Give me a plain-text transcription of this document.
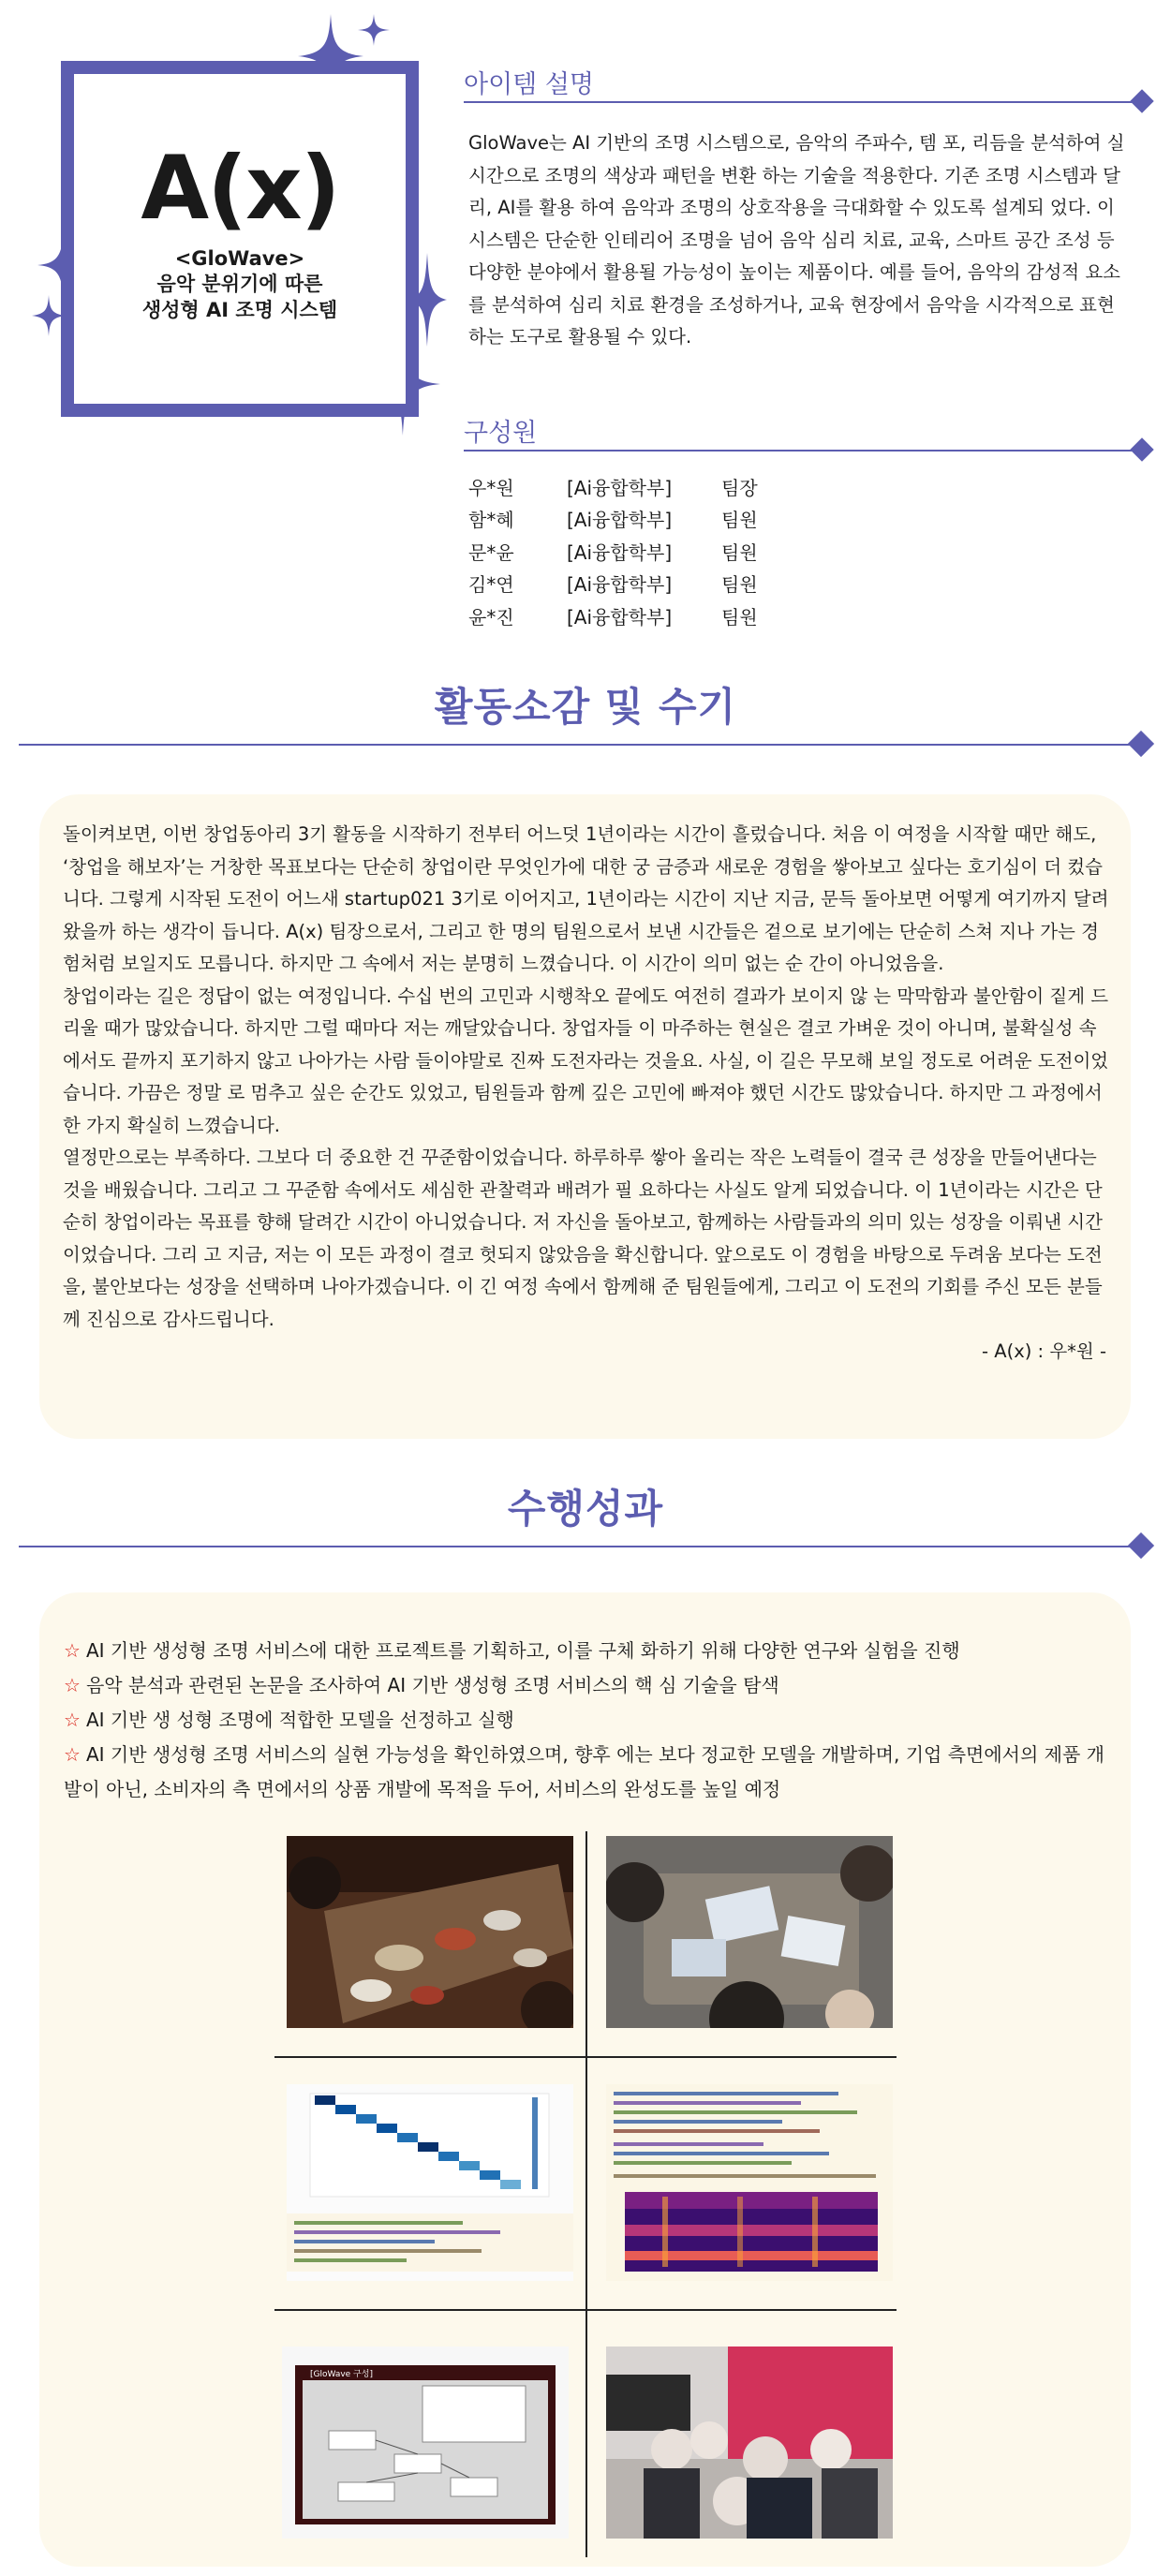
A(x)
<GloWave>
음악 분위기에 따른
생성형 AI 조명 시스템
아이템 설명
GloWave는 AI 기반의 조명 시스템으로, 음악의 주파수, 템 포, 리듬을 분석하여 실시간으로 조명의 색상과 패턴을 변환 하는 기술을 적용한다. 기존 조명 시스템과 달리, AI를 활용 하여 음악과 조명의 상호작용을 극대화할 수 있도록 설계되 었다. 이 시스템은 단순한 인테리어 조명을 넘어 음악 심리 치료, 교육, 스마트 공간 조성 등 다양한 분야에서 활용될 가능성이 높이는 제품이다. 예를 들어, 음악의 감성적 요소 를 분석하여 심리 치료 환경을 조성하거나, 교육 현장에서 음악을 시각적으로 표현하는 도구로 활용될 수 있다.
구성원
우*원	[Ai융합학부]	팀장
함*혜	[Ai융합학부]	팀원
문*윤	[Ai융합학부]	팀원
김*연	[Ai융합학부]	팀원
윤*진	[Ai융합학부]	팀원
활동소감 및 수기

돌이켜보면, 이번 창업동아리 3기 활동을 시작하기 전부터 어느덧 1년이라는 시간이 흘렀습니다. 처음 이 여정을 시작할 때만 해도, ‘창업을 해보자’는 거창한 목표보다는 단순히 창업이란 무엇인가에 대한 궁 금증과 새로운 경험을 쌓아보고 싶다는 호기심이 더 컸습니다. 그렇게 시작된 도전이 어느새 startup021 3기로 이어지고, 1년이라는 시간이 지난 지금, 문득 돌아보면 어떻게 여기까지 달려왔을까 하는 생각이 듭니다. A(x) 팀장으로서, 그리고 한 명의 팀원으로서 보낸 시간들은 겉으로 보기에는 단순히 스쳐 지나 가는 경험처럼 보일지도 모릅니다. 하지만 그 속에서 저는 분명히 느꼈습니다. 이 시간이 의미 없는 순 간이 아니었음을.

창업이라는 길은 정답이 없는 여정입니다. 수십 번의 고민과 시행착오 끝에도 여전히 결과가 보이지 않 는 막막함과 불안함이 짙게 드리울 때가 많았습니다. 하지만 그럴 때마다 저는 깨달았습니다. 창업자들 이 마주하는 현실은 결코 가벼운 것이 아니며, 불확실성 속에서도 끝까지 포기하지 않고 나아가는 사람 들이야말로 진짜 도전자라는 것을요. 사실, 이 길은 무모해 보일 정도로 어려운 도전이었습니다. 가끔은 정말 로 멈추고 싶은 순간도 있었고, 팀원들과 함께 깊은 고민에 빠져야 했던 시간도 많았습니다. 하지만 그 과정에서 한 가지 확실히 느꼈습니다.

열정만으로는 부족하다. 그보다 더 중요한 건 꾸준함이었습니다. 하루하루 쌓아 올리는 작은 노력들이 결국 큰 성장을 만들어낸다는 것을 배웠습니다. 그리고 그 꾸준함 속에서도 세심한 관찰력과 배려가 필 요하다는 사실도 알게 되었습니다. 이 1년이라는 시간은 단순히 창업이라는 목표를 향해 달려간 시간이 아니었습니다. 저 자신을 돌아보고, 함께하는 사람들과의 의미 있는 성장을 이뤄낸 시간이었습니다. 그리 고 지금, 저는 이 모든 과정이 결코 헛되지 않았음을 확신합니다. 앞으로도 이 경험을 바탕으로 두려움 보다는 도전을, 불안보다는 성장을 선택하며 나아가겠습니다. 이 긴 여정 속에서 함께해 준 팀원들에게, 그리고 이 도전의 기회를 주신 모든 분들께 진심으로 감사드립니다.

- A(x) : 우*원 -

수행성과

☆ AI 기반 생성형 조명 서비스에 대한 프로젝트를 기획하고, 이를 구체 화하기 위해 다양한 연구와 실험을 진행

☆ 음악 분석과 관련된 논문을 조사하여 AI 기반 생성형 조명 서비스의 핵 심 기술을 탐색

☆ AI 기반 생 성형 조명에 적합한 모델을 선정하고 실행

☆ AI 기반 생성형 조명 서비스의 실현 가능성을 확인하였으며, 향후 에는 보다 정교한 모델을 개발하며, 기업 측면에서의 제품 개발이 아닌, 소비자의 측 면에서의 상품 개발에 목적을 두어, 서비스의 완성도를 높일 예정

[GloWave 구성]
